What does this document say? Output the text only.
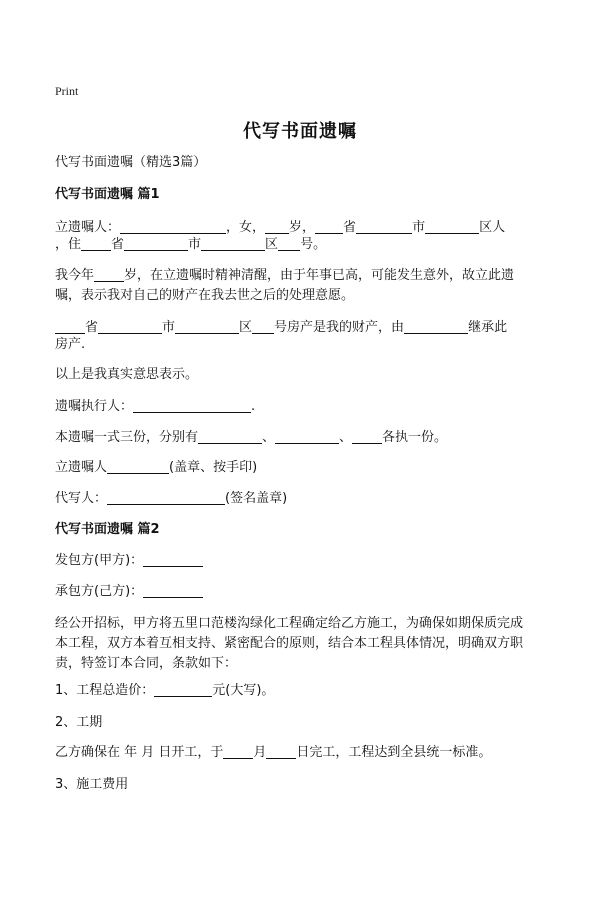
Print
代写书面遗嘱
代写书面遗嘱（精选3篇）
代写书面遗嘱 篇1
立遗嘱人：	，女， 岁， 省	市	区人
，住 省	市	区 号。
我今年 岁，在立遗嘱时精神清醒，由于年事已高，可能发生意外，故立此遗
嘱，表示我对自己的财产在我去世之后的处理意愿。
省	市	区 号房产是我的财产，由	继承此
房产.
以上是我真实意思表示。
遗嘱执行人：	.
本遗嘱一式三份，分别有	、	、 各执一份。
立遗嘱人	(盖章、按手印)
代写人：	(签名盖章)
代写书面遗嘱 篇2
发包方(甲方)：
承包方(己方)：
经公开招标，甲方将五里口范楼沟绿化工程确定给乙方施工，为确保如期保质完成
本工程，双方本着互相支持、紧密配合的原则，结合本工程具体情况，明确双方职
责，特签订本合同，条款如下：
1、工程总造价：	元(大写)。
2、工期
乙方确保在 年 月 日开工，于 月 日完工，工程达到全县统一标准。
3、施工费用
